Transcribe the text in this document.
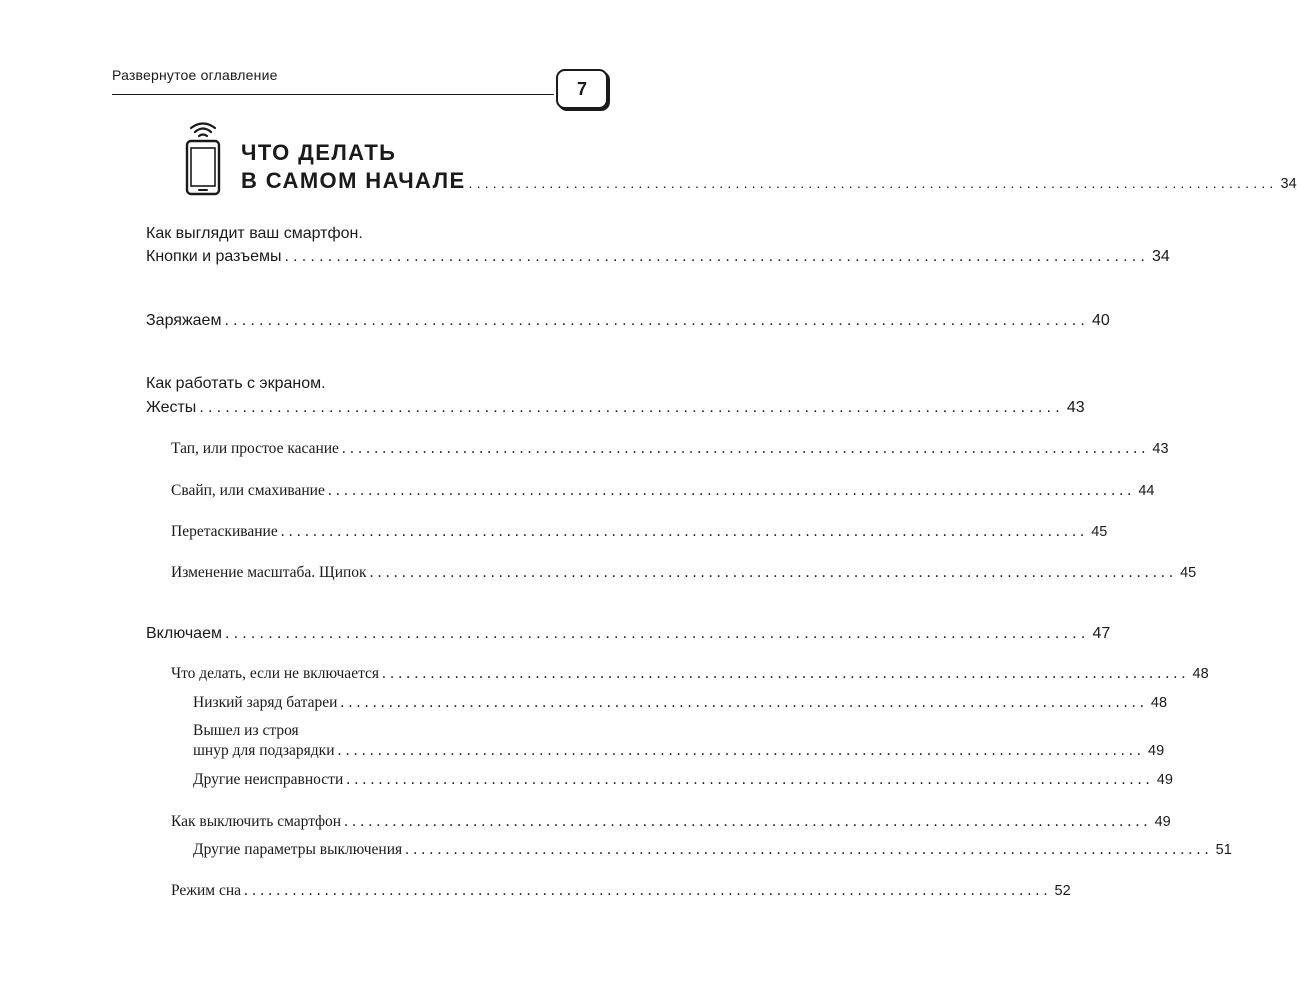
Развернутое оглавление
7
ЧТО ДЕЛАТЬ
В САМОМ НАЧАЛЕ .................................................................................................... 34
Как выглядит ваш смартфон.
Кнопки и разъемы .................................................................................................... 34
Заряжаем .................................................................................................... 40
Как работать с экраном.
Жесты .................................................................................................... 43
Тап, или простое касание .................................................................................................... 43
Свайп, или смахивание .................................................................................................... 44
Перетаскивание .................................................................................................... 45
Изменение масштаба. Щипок .................................................................................................... 45
Включаем .................................................................................................... 47
Что делать, если не включается .................................................................................................... 48
Низкий заряд батареи .................................................................................................... 48
Вышел из строя
шнур для подзарядки .................................................................................................... 49
Другие неисправности .................................................................................................... 49
Как выключить смартфон .................................................................................................... 49
Другие параметры выключения .................................................................................................... 51
Режим сна .................................................................................................... 52
